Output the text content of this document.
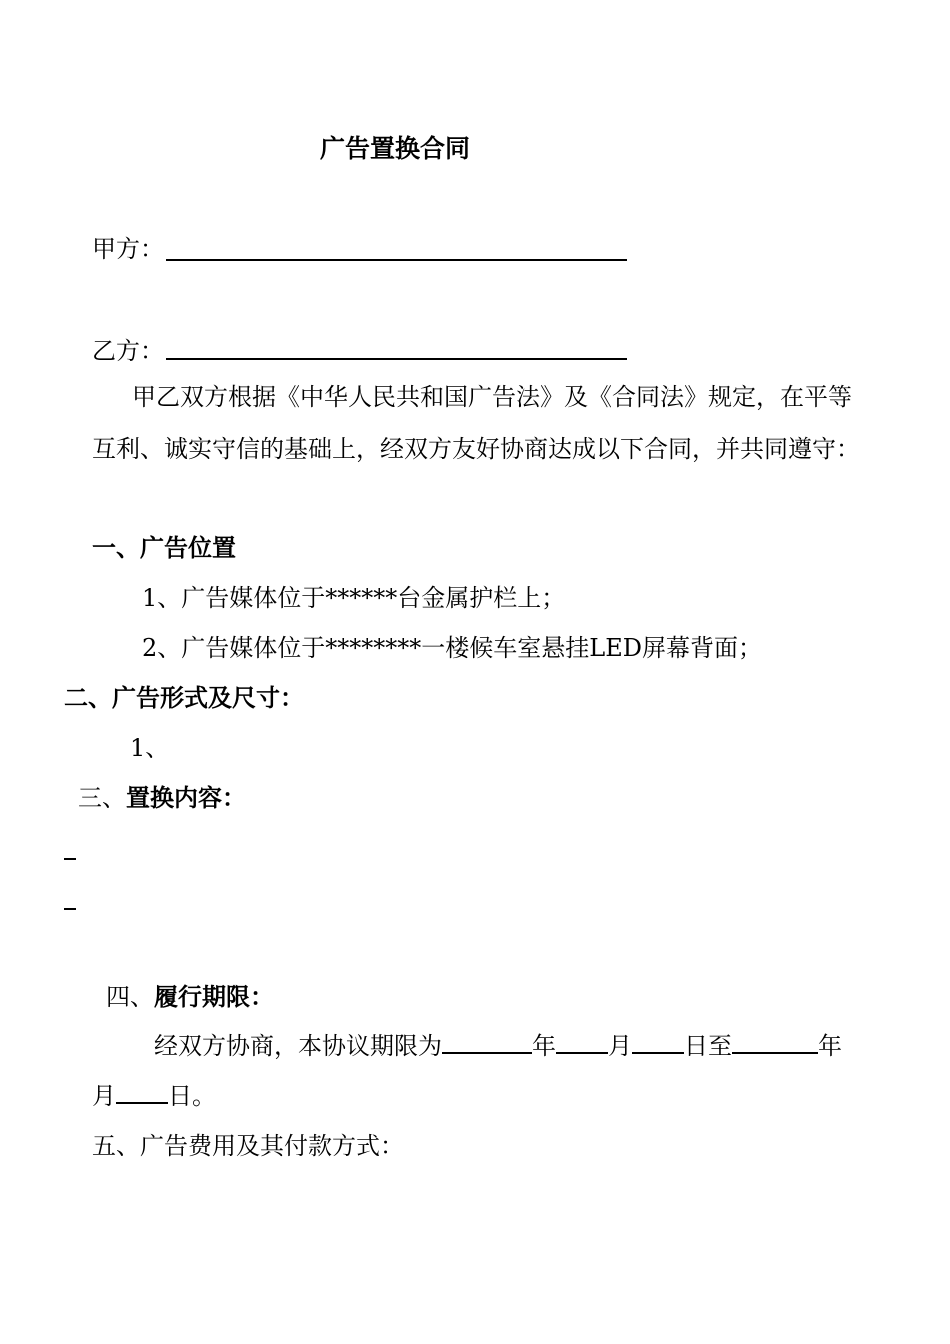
广告置换合同
甲方：
乙方：
甲乙双方根据《中华人民共和国广告法》及《合同法》规定，在平等
互利、诚实守信的基础上，经双方友好协商达成以下合同，并共同遵守：
一、广告位置
1、广告媒体位于******台金属护栏上；
2、广告媒体位于********一楼候车室悬挂LED屏幕背面；
二、广告形式及尺寸：
1、
三、置换内容：
四、履行期限：
经双方协商，本协议期限为	年 月 日至	年
月 日。
五、广告费用及其付款方式：
